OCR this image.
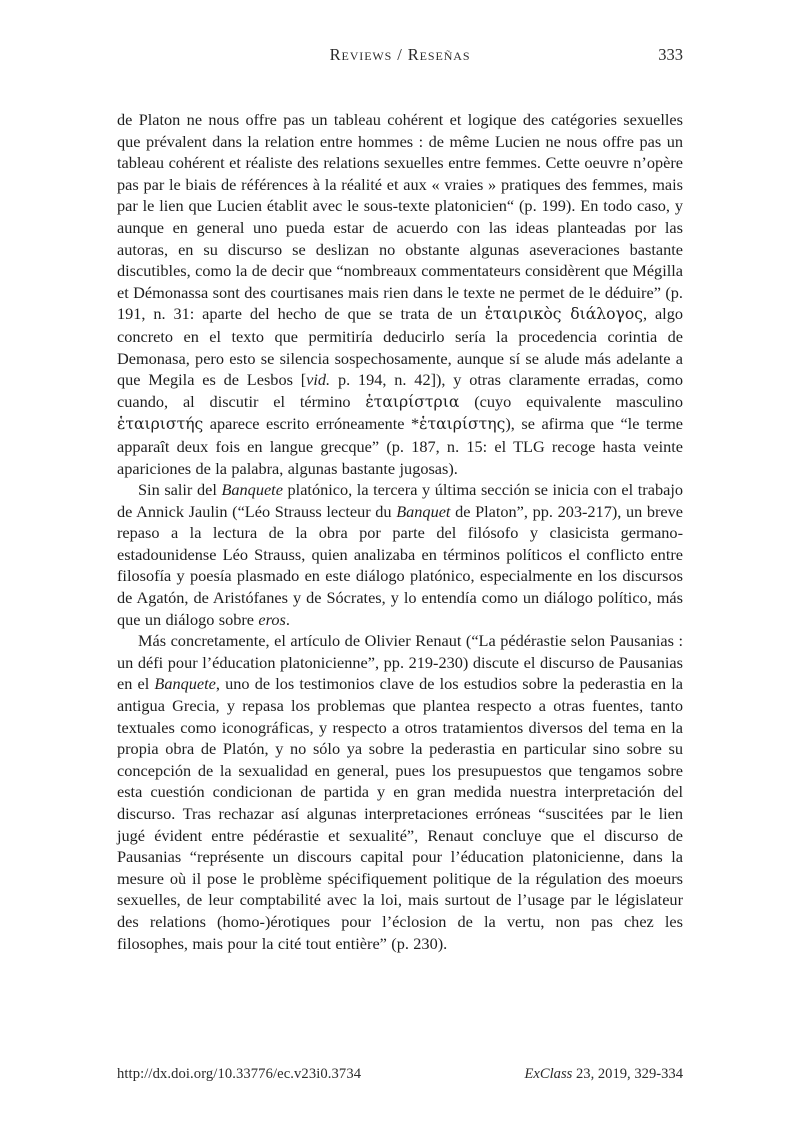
Reviews / Reseñas	333

de Platon ne nous offre pas un tableau cohérent et logique des catégories sexuelles que prévalent dans la relation entre hommes : de même Lucien ne nous offre pas un tableau cohérent et réaliste des relations sexuelles entre femmes. Cette oeuvre n’opère pas par le biais de références à la réalité et aux « vraies » pratiques des femmes, mais par le lien que Lucien établit avec le sous-texte platonicien“ (p. 199). En todo caso, y aunque en general uno pueda estar de acuerdo con las ideas planteadas por las autoras, en su discurso se deslizan no obstante algunas aseveraciones bastante discutibles, como la de decir que “nombreaux commentateurs considèrent que Mégilla et Démonassa sont des courtisanes mais rien dans le texte ne permet de le déduire” (p. 191, n. 31: aparte del hecho de que se trata de un ἑταιρικὸς διάλογος, algo concreto en el texto que permitiría deducirlo sería la procedencia corintia de Demonasa, pero esto se silencia sospechosamente, aunque sí se alude más adelante a que Megila es de Lesbos [vid. p. 194, n. 42]), y otras claramente erradas, como cuando, al discutir el término ἑταιρίστρια (cuyo equivalente masculino ἑταιριστής aparece escrito erróneamente *ἑταιρίστης), se afirma que “le terme apparaît deux fois en langue grecque” (p. 187, n. 15: el TLG recoge hasta veinte apariciones de la palabra, algunas bastante jugosas).

Sin salir del Banquete platónico, la tercera y última sección se inicia con el trabajo de Annick Jaulin (“Léo Strauss lecteur du Banquet de Platon”, pp. 203-217), un breve repaso a la lectura de la obra por parte del filósofo y clasicista germano-estadounidense Léo Strauss, quien analizaba en términos políticos el conflicto entre filosofía y poesía plasmado en este diálogo platónico, especialmente en los discursos de Agatón, de Aristófanes y de Sócrates, y lo entendía como un diálogo político, más que un diálogo sobre eros.

Más concretamente, el artículo de Olivier Renaut (“La pédérastie selon Pausanias : un défi pour l’éducation platonicienne”, pp. 219-230) discute el discurso de Pausanias en el Banquete, uno de los testimonios clave de los estudios sobre la pederastia en la antigua Grecia, y repasa los problemas que plantea respecto a otras fuentes, tanto textuales como iconográficas, y respecto a otros tratamientos diversos del tema en la propia obra de Platón, y no sólo ya sobre la pederastia en particular sino sobre su concepción de la sexualidad en general, pues los presupuestos que tengamos sobre esta cuestión condicionan de partida y en gran medida nuestra interpretación del discurso. Tras rechazar así algunas interpretaciones erróneas “suscitées par le lien jugé évident entre pédérastie et sexualité”, Renaut concluye que el discurso de Pausanias “représente un discours capital pour l’éducation platonicienne, dans la mesure où il pose le problème spécifiquement politique de la régulation des moeurs sexuelles, de leur comptabilité avec la loi, mais surtout de l’usage par le législateur des relations (homo-)érotiques pour l’éclosion de la vertu, non pas chez les filosophes, mais pour la cité tout entière” (p. 230).

http://dx.doi.org/10.33776/ec.v23i0.3734	ExClass 23, 2019, 329-334
